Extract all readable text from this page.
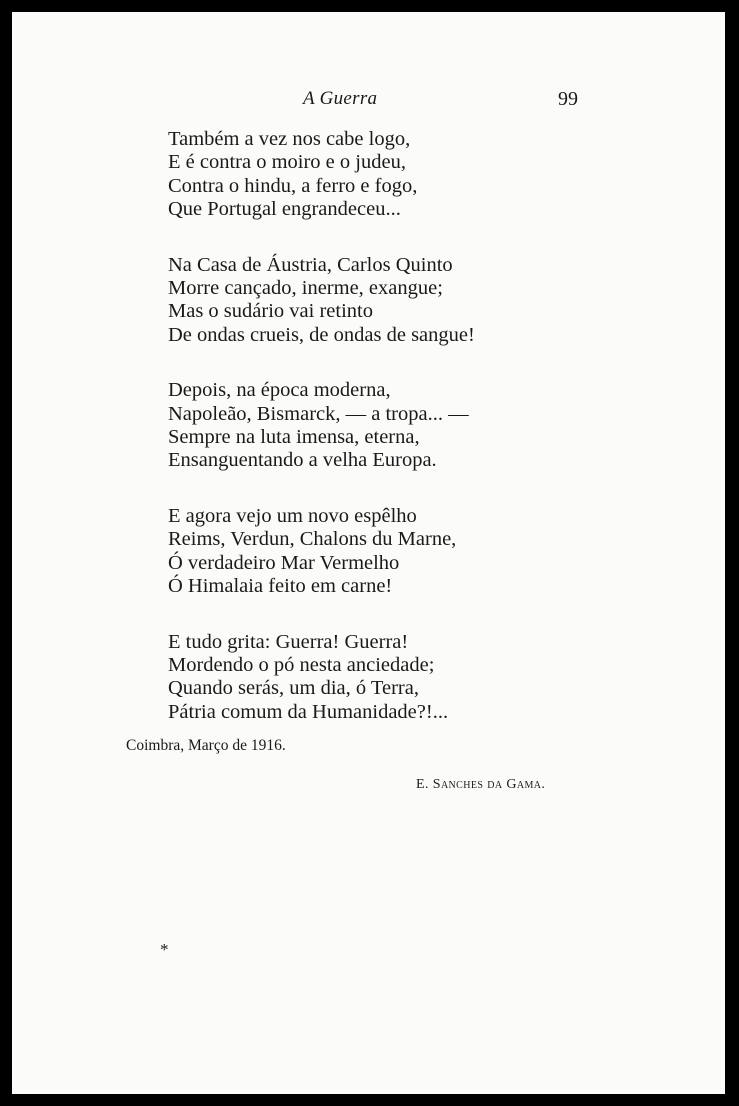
A Guerra	99
Também a vez nos cabe logo,
E é contra o moiro e o judeu,
Contra o hindu, a ferro e fogo,
Que Portugal engrandeceu...
Na Casa de Áustria, Carlos Quinto
Morre cançado, inerme, exangue;
Mas o sudário vai retinto
De ondas crueis, de ondas de sangue!
Depois, na época moderna,
Napoleão, Bismarck, — a tropa... —
Sempre na luta imensa, eterna,
Ensanguentando a velha Europa.
E agora vejo um novo espêlho
Reims, Verdun, Chalons du Marne,
Ó verdadeiro Mar Vermelho
Ó Himalaia feito em carne!
E tudo grita: Guerra! Guerra!
Mordendo o pó nesta anciedade;
Quando serás, um dia, ó Terra,
Pátria comum da Humanidade?!...
Coimbra, Março de 1916.
E. Sanches da Gama.
*
